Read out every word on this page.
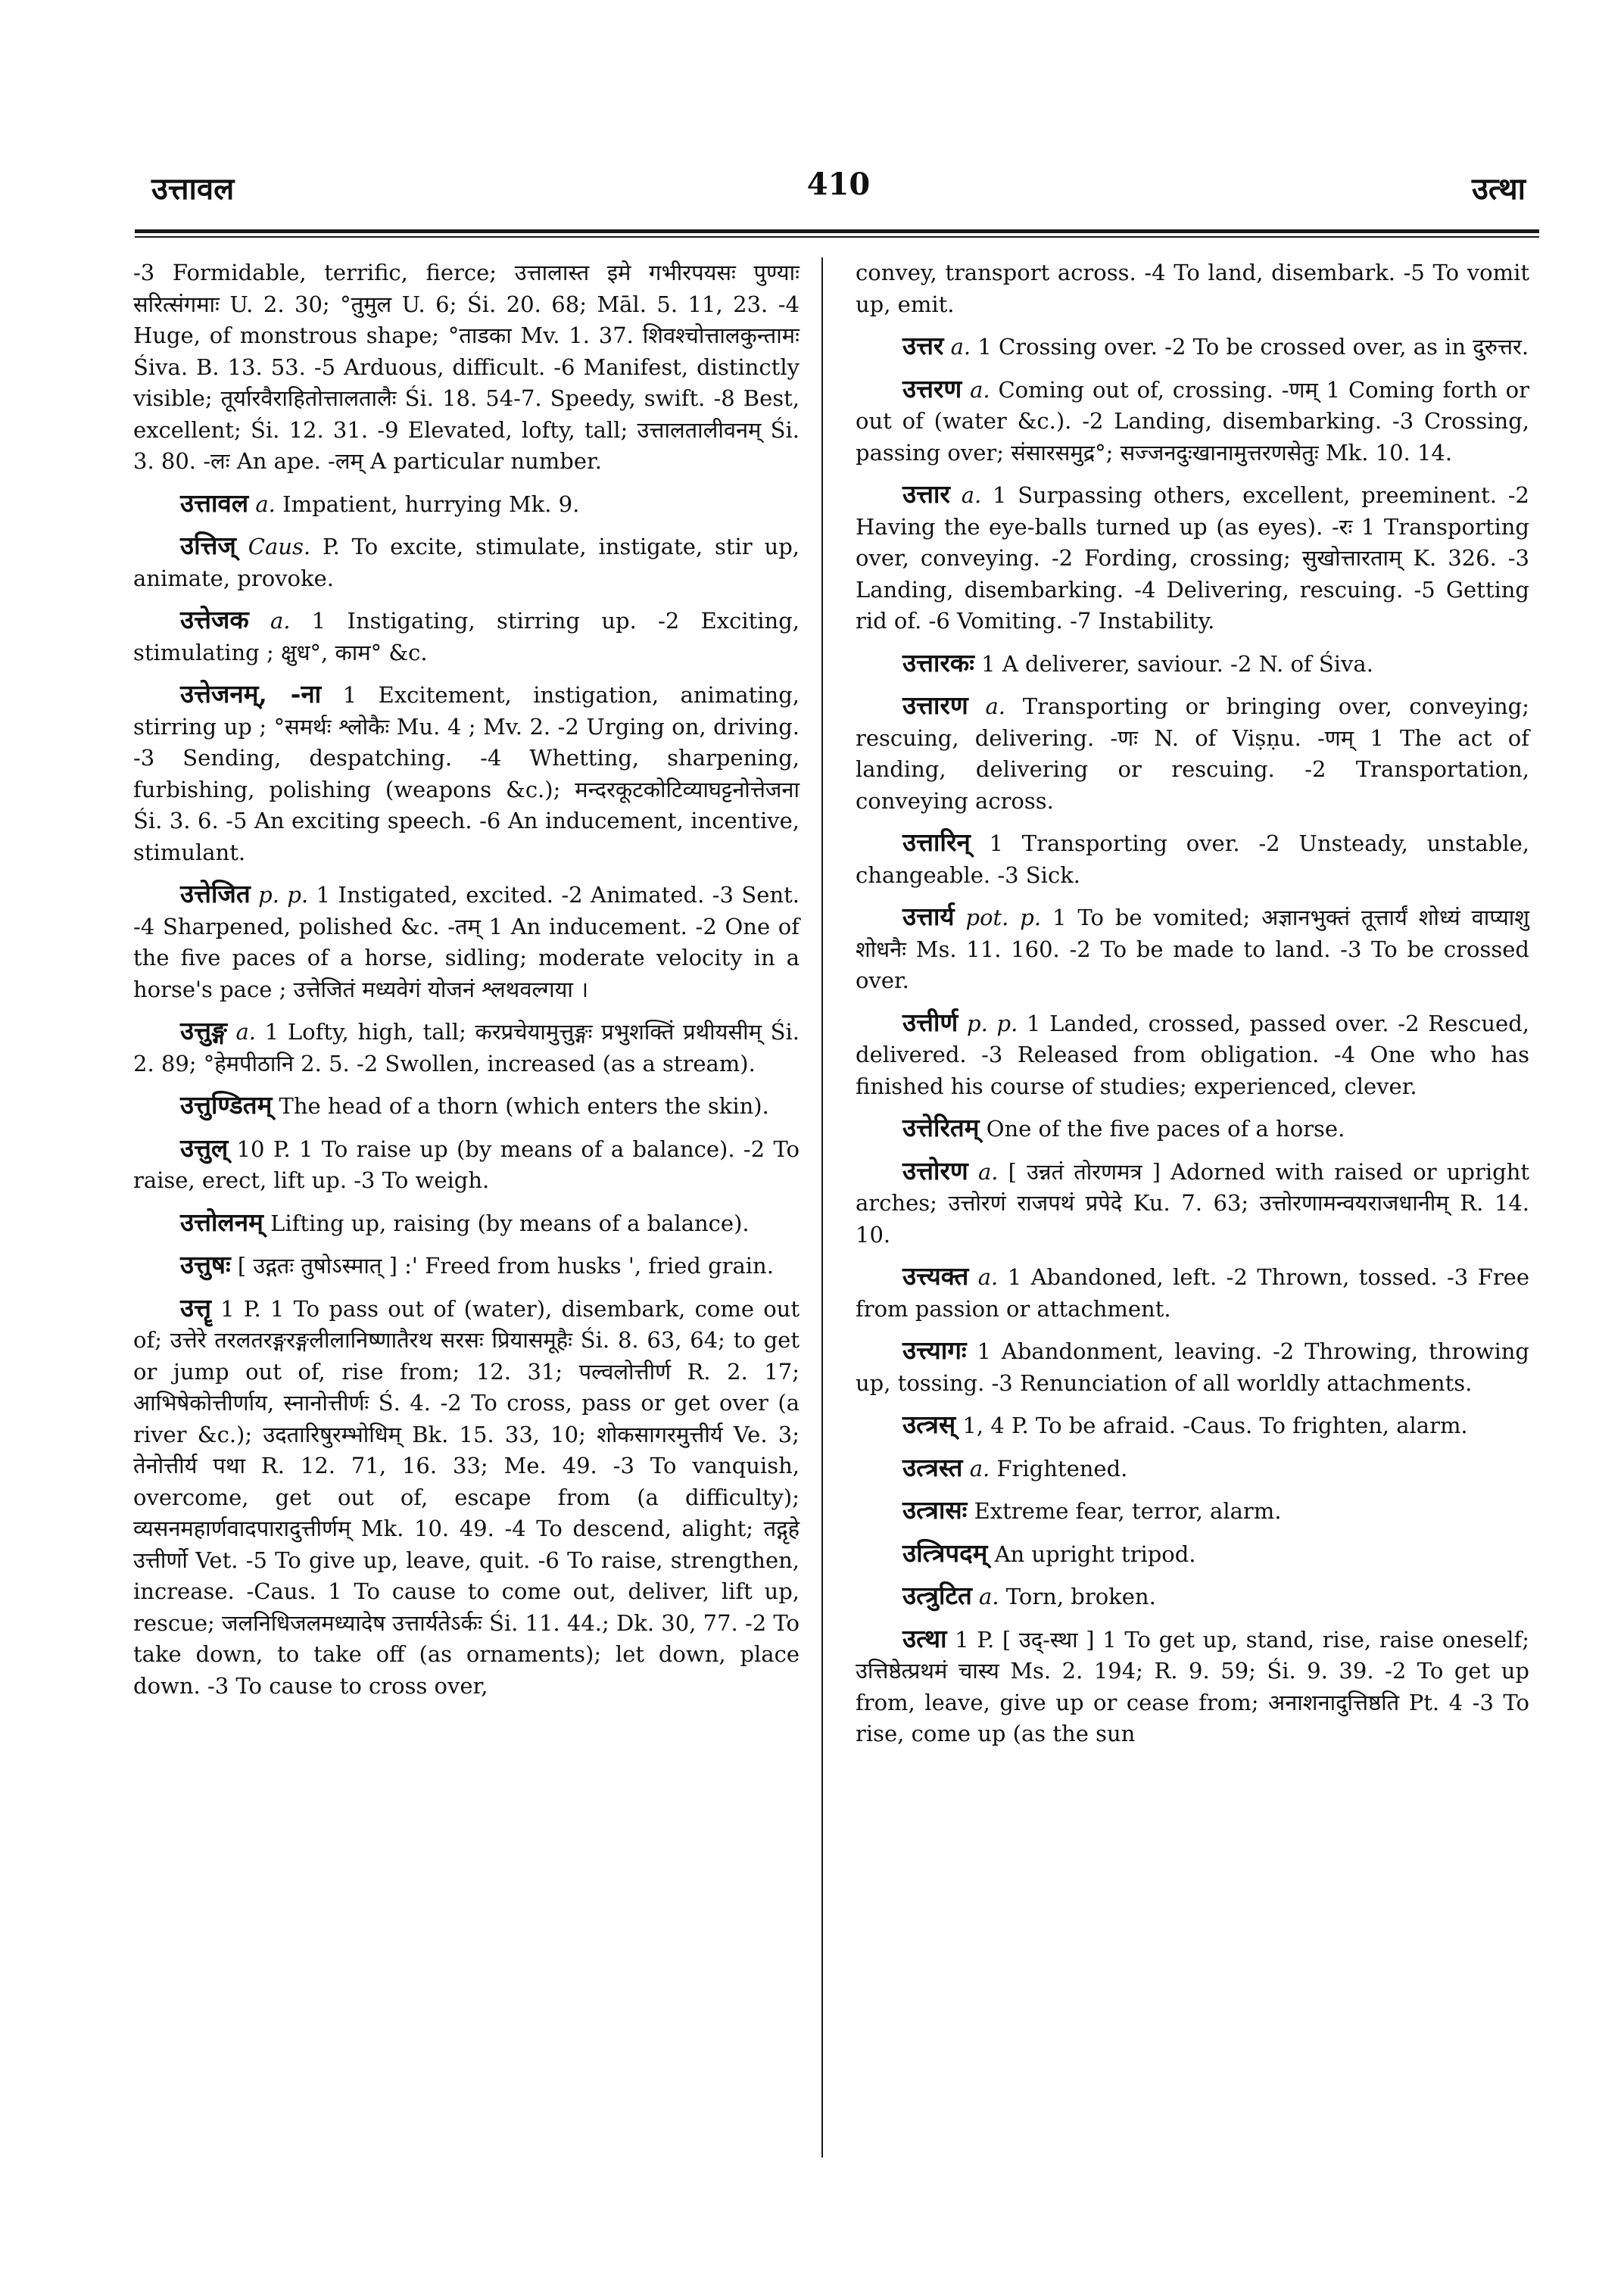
उत्तावल	410	उत्था

-3 Formidable, terrific, fierce; उत्तालास्त इमे गभीरपयसः पुण्याः सरित्संगमाः U. 2. 30; °तुमुल U. 6; Śi. 20. 68; Māl. 5. 11, 23. -4 Huge, of monstrous shape; °ताडका Mv. 1. 37. शिवश्चोत्तालकुन्तामः Śiva. B. 13. 53. -5 Arduous, difficult. -6 Manifest, distinctly visible; तूर्यारवैराहितोत्तालतालैः Śi. 18. 54-7. Speedy, swift. -8 Best, excellent; Śi. 12. 31. -9 Elevated, lofty, tall; उत्तालतालीवनम् Śi. 3. 80. -लः An ape. -लम् A particular number.

उत्तावल a. Impatient, hurrying Mk. 9.

उत्तिज् Caus. P. To excite, stimulate, instigate, stir up, animate, provoke.

उत्तेजक a. 1 Instigating, stirring up. -2 Exciting, stimulating ; क्षुध°, काम° &c.

उत्तेजनम्, -ना 1 Excitement, instigation, animating, stirring up ; °समर्थः श्लोकैः Mu. 4 ; Mv. 2. -2 Urging on, driving. -3 Sending, despatching. -4 Whetting, sharpening, furbishing, polishing (weapons &c.); मन्दरकूटकोटिव्याघट्टनोत्तेजना Śi. 3. 6. -5 An exciting speech. -6 An inducement, incentive, stimulant.

उत्तेजित p. p. 1 Instigated, excited. -2 Animated. -3 Sent. -4 Sharpened, polished &c. -तम् 1 An inducement. -2 One of the five paces of a horse, sidling; moderate velocity in a horse's pace ; उत्तेजितं मध्यवेगं योजनं श्लथवल्गया ।

उत्तुङ्ग a. 1 Lofty, high, tall; करप्रचेयामुत्तुङ्गः प्रभुशक्तिं प्रथीयसीम् Śi. 2. 89; °हेमपीठानि 2. 5. -2 Swollen, increased (as a stream).

उत्तुण्डितम् The head of a thorn (which enters the skin).

उत्तुल् 10 P. 1 To raise up (by means of a balance). -2 To raise, erect, lift up. -3 To weigh.

उत्तोलनम् Lifting up, raising (by means of a balance).

उत्तुषः [ उद्गतः तुषोऽस्मात् ] :' Freed from husks ', fried grain.

उत्तॄ 1 P. 1 To pass out of (water), disembark, come out of; उत्तेरे तरलतरङ्गरङ्गलीलानिष्णातैरथ सरसः प्रियासमूहैः Śi. 8. 63, 64; to get or jump out of, rise from; 12. 31; पल्वलोत्तीर्ण R. 2. 17; आभिषेकोत्तीर्णाय, स्नानोत्तीर्णः Ś. 4. -2 To cross, pass or get over (a river &c.); उदतारिषुरम्भोधिम् Bk. 15. 33, 10; शोकसागरमुत्तीर्य Ve. 3; तेनोत्तीर्य पथा R. 12. 71, 16. 33; Me. 49. -3 To vanquish, overcome, get out of, escape from (a difficulty); व्यसनमहार्णवादपारादुत्तीर्णम् Mk. 10. 49. -4 To descend, alight; तद्गृहे उत्तीर्णो Vet. -5 To give up, leave, quit. -6 To raise, strengthen, increase. -Caus. 1 To cause to come out, deliver, lift up, rescue; जलनिधिजलमध्यादेष उत्तार्यतेऽर्कः Śi. 11. 44.; Dk. 30, 77. -2 To take down, to take off (as ornaments); let down, place down. -3 To cause to cross over,

convey, transport across. -4 To land, disembark. -5 To vomit up, emit.

उत्तर a. 1 Crossing over. -2 To be crossed over, as in दुरुत्तर.

उत्तरण a. Coming out of, crossing. -णम् 1 Coming forth or out of (water &c.). -2 Landing, disembarking. -3 Crossing, passing over; संसारसमुद्र°; सज्जनदुःखानामुत्तरणसेतुः Mk. 10. 14.

उत्तार a. 1 Surpassing others, excellent, preeminent. -2 Having the eye-balls turned up (as eyes). -रः 1 Transporting over, conveying. -2 Fording, crossing; सुखोत्तारताम् K. 326. -3 Landing, disembarking. -4 Delivering, rescuing. -5 Getting rid of. -6 Vomiting. -7 Instability.

उत्तारकः 1 A deliverer, saviour. -2 N. of Śiva.

उत्तारण a. Transporting or bringing over, conveying; rescuing, delivering. -णः N. of Viṣṇu. -णम् 1 The act of landing, delivering or rescuing. -2 Transportation, conveying across.

उत्तारिन् 1 Transporting over. -2 Unsteady, unstable, changeable. -3 Sick.

उत्तार्य pot. p. 1 To be vomited; अज्ञानभुक्तं तूत्तार्यं शोध्यं वाप्याशु शोधनैः Ms. 11. 160. -2 To be made to land. -3 To be crossed over.

उत्तीर्ण p. p. 1 Landed, crossed, passed over. -2 Rescued, delivered. -3 Released from obligation. -4 One who has finished his course of studies; experienced, clever.

उत्तेरितम् One of the five paces of a horse.

उत्तोरण a. [ उन्नतं तोरणमत्र ] Adorned with raised or upright arches; उत्तोरणं राजपथं प्रपेदे Ku. 7. 63; उत्तोरणामन्वयराजधानीम् R. 14. 10.

उत्त्यक्त a. 1 Abandoned, left. -2 Thrown, tossed. -3 Free from passion or attachment.

उत्त्यागः 1 Abandonment, leaving. -2 Throwing, throwing up, tossing. -3 Renunciation of all worldly attachments.

उत्त्रस् 1, 4 P. To be afraid. -Caus. To frighten, alarm.

उत्त्रस्त a. Frightened.

उत्त्रासः Extreme fear, terror, alarm.

उत्त्रिपदम् An upright tripod.

उत्त्रुटित a. Torn, broken.

उत्था 1 P. [ उद्-स्था ] 1 To get up, stand, rise, raise oneself; उत्तिष्ठेत्प्रथमं चास्य Ms. 2. 194; R. 9. 59; Śi. 9. 39. -2 To get up from, leave, give up or cease from; अनाशनादुत्तिष्ठति Pt. 4 -3 To rise, come up (as the sun
